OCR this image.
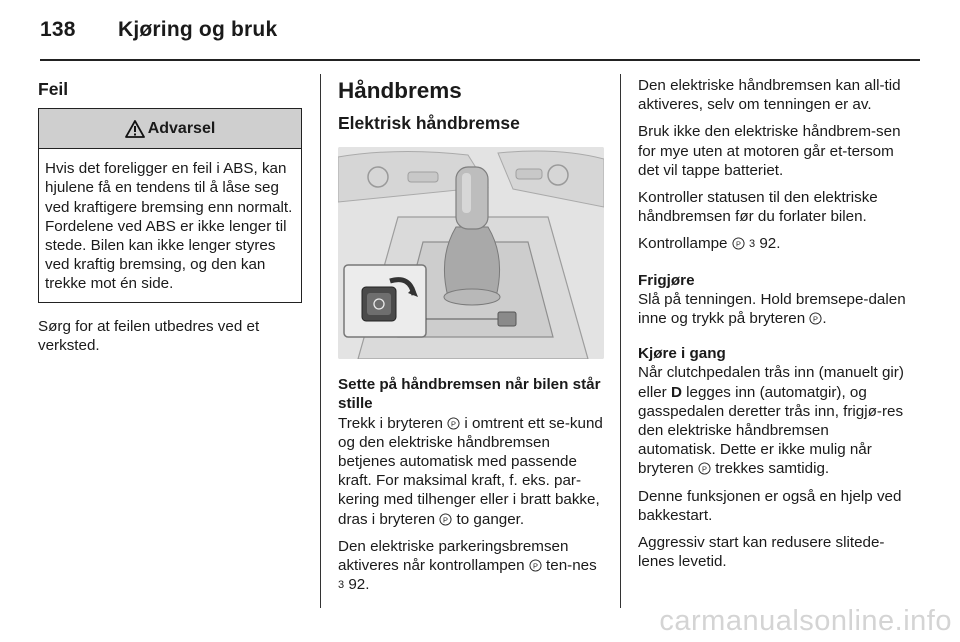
138 Kjøring og bruk
Feil
Advarsel
Hvis det foreligger en feil i ABS, kan hjulene få en tendens til å låse seg ved kraftigere bremsing enn normalt. Fordelene ved ABS er ikke lenger til stede. Bilen kan ikke lenger styres ved kraftig bremsing, og den kan trekke mot én side.

Sørg for at feilen utbedres ved et verksted.

Håndbrems
Elektrisk håndbremse

Sette på håndbremsen når bilen står stille

Trekk i bryteren P i omtrent ett se-kund og den elektriske håndbremsen betjenes automatisk med passende kraft. For maksimal kraft, f. eks. par-kering med tilhenger eller i bratt bakke, dras i bryteren P to ganger.

Den elektriske parkeringsbremsen aktiveres når kontrollampen P ten-nes 3 92.

Den elektriske håndbremsen kan all-tid aktiveres, selv om tenningen er av.

Bruk ikke den elektriske håndbrem-sen for mye uten at motoren går et-tersom det vil tappe batteriet.

Kontroller statusen til den elektriske håndbremsen før du forlater bilen.

Kontrollampe P 3 92.

Frigjøre

Slå på tenningen. Hold bremsepe-dalen inne og trykk på bryteren P .

Kjøre i gang

Når clutchpedalen trås inn (manuelt gir) eller D legges inn (automatgir), og gasspedalen deretter trås inn, frigjø-res den elektriske håndbremsen automatisk. Dette er ikke mulig når bryteren P trekkes samtidig.

Denne funksjonen er også en hjelp ved bakkestart.

Aggressiv start kan redusere slitede-lenes levetid.

carmanualsonline.info
